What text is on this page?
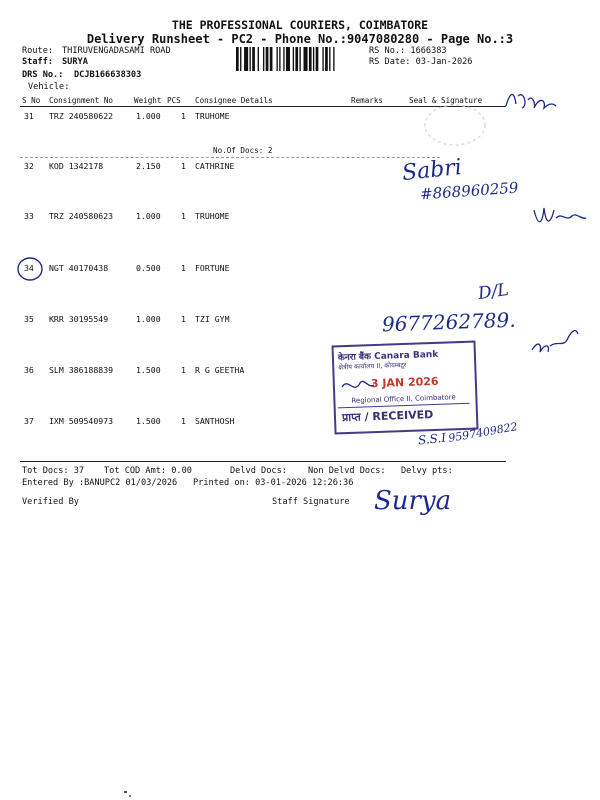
THE PROFESSIONAL COURIERS, COIMBATORE
Delivery Runsheet - PC2 - Phone No.:9047080280 - Page No.:3
Route: THIRUVENGADASAMI ROAD
Staff: SURYA
DRS No.: DCJB166638303
Vehicle:
RS No.: 1666383
RS Date: 03-Jan-2026
S No Consignment No	Weight PCS Consignee Details	Remarks	Seal & Signature
31 TRZ 240580622	1.000 1 TRUHOME
No.Of Docs: 2
32 KOD 1342178	2.150 1 CATHRINE
33 TRZ 240580623	1.000 1 TRUHOME
34 NGT 40170438	0.500 1 FORTUNE
35 KRR 30195549	1.000 1 TZI GYM
36 SLM 386188839	1.500 1 R G GEETHA
37 IXM 509540973	1.500 1 SANTHOSH
Tot Docs: 37 Tot COD Amt: 0.00	Delvd Docs: Non Delvd Docs: Delvy pts:
Entered By :BANUPC2 01/03/2026 Printed on: 03-01-2026 12:26:36
Verified By	Staff Signature
Sabri
#868960259
D/L
9677262789.
केनरा बैंक Canara Bank
क्षेत्रीय कार्यालय II, कोयम्बटूर
3 JAN 2026
Regional Office II, Coimbatore
प्राप्त / RECEIVED
S.S.I 9597409822
Surya
